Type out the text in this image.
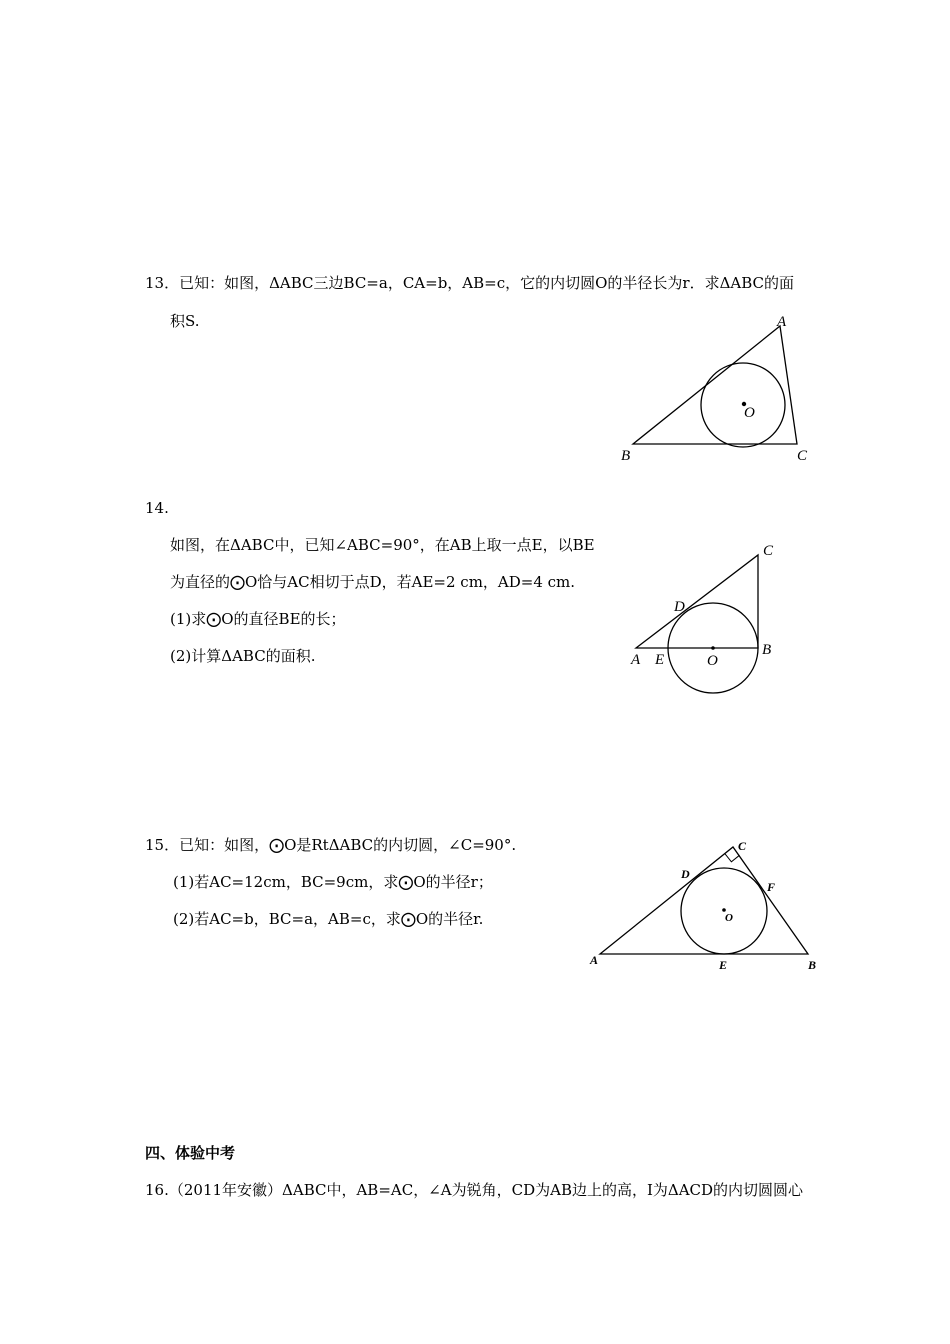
13．已知：如图，ΔABC三边BC=a，CA=b，AB=c，它的内切圆O的半径长为r．求ΔABC的面
积S.	A
B	C
O
14.
如图，在ΔABC中，已知∠ABC=90°，在AB上取一点E，以BE
为直径的⨀O恰与AC相切于点D，若AE=2 cm，AD=4 cm.
(1)求⨀O的直径BE的长；
(2)计算ΔABC的面积.
C
D
A E	O
B
15．已知：如图，⨀O是RtΔABC的内切圆，∠C=90°.
(1)若AC=12cm，BC=9cm，求⨀O的半径r；
(2)若AC=b，BC=a，AB=c，求⨀O的半径r.
C
D
F
O
A	E	B
四、体验中考
16.（2011年安徽）ΔABC中，AB=AC，∠A为锐角，CD为AB边上的高，I为ΔACD的内切圆圆心
